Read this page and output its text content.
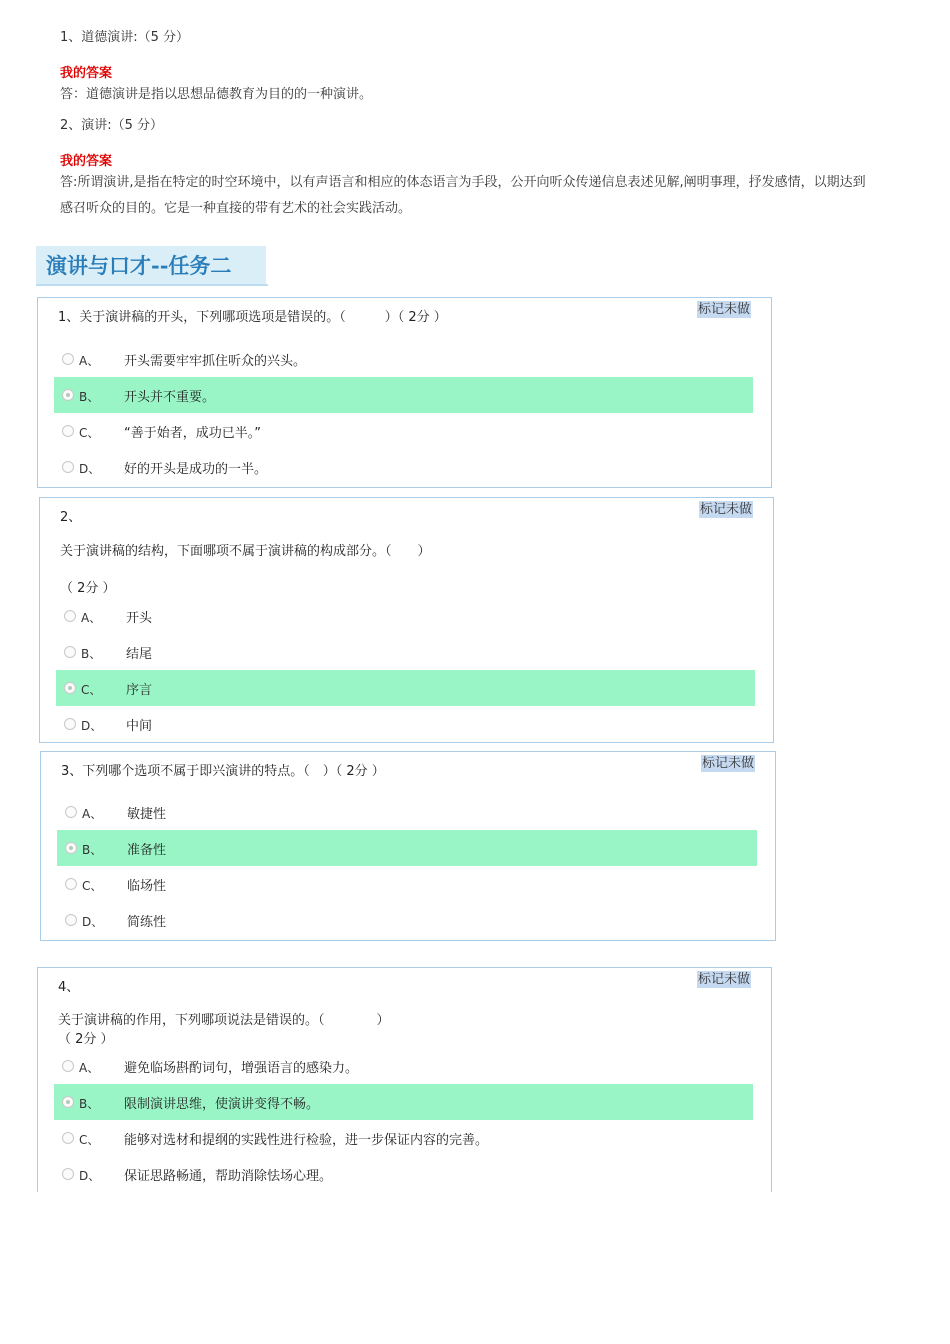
1、道德演讲:（5 分）
我的答案
答：道德演讲是指以思想品德教育为目的的一种演讲。
2、演讲:（5 分）
我的答案
答:所谓演讲,是指在特定的时空环境中，以有声语言和相应的体态语言为手段，公开向听众传递信息表述见解,阐明事理，抒发感情，以期达到感召听众的目的。它是一种直接的带有艺术的社会实践活动。
演讲与口才--任务二
标记未做
1、关于演讲稿的开头，下列哪项选项是错误的。（　　　）（ 2分 ）
A、 开头需要牢牢抓住听众的兴头。
B、 开头并不重要。
C、 “善于始者，成功已半。”
D、 好的开头是成功的一半。
标记未做
2、
关于演讲稿的结构，下面哪项不属于演讲稿的构成部分。（　　）
（ 2分 ）
A、 开头
B、 结尾
C、 序言
D、 中间
标记未做
3、下列哪个选项不属于即兴演讲的特点。（　）（ 2分 ）
A、 敏捷性
B、 准备性
C、 临场性
D、 简练性
标记未做
4、
关于演讲稿的作用，下列哪项说法是错误的。（　　　　）
（ 2分 ）
A、 避免临场斟酌词句，增强语言的感染力。
B、 限制演讲思维，使演讲变得不畅。
C、 能够对选材和提纲的实践性进行检验，进一步保证内容的完善。
D、 保证思路畅通，帮助消除怯场心理。
